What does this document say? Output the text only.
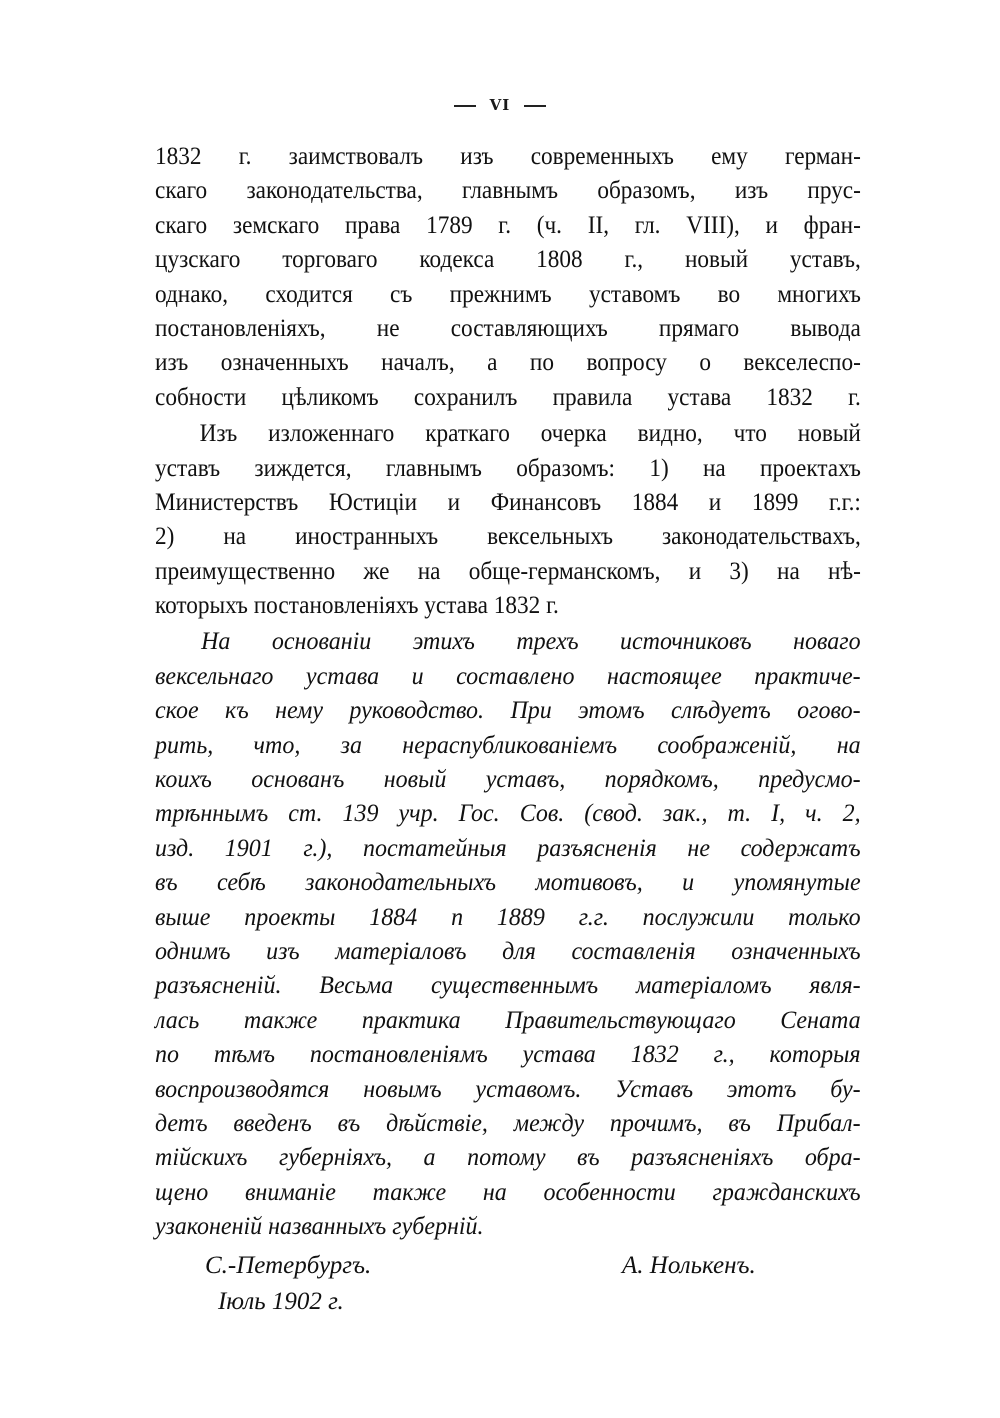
VI
1832 г. заимствовалъ изъ современныхъ ему герман-
скаго законодательства, главнымъ образомъ, изъ прус-
скаго земскаго права 1789 г. (ч. II, гл. VIII), и фран-
цузскаго торговаго кодекса 1808 г., новый уставъ,
однако, сходится съ прежнимъ уставомъ во многихъ
постановленіяхъ, не составляющихъ прямаго вывода
изъ означенныхъ началъ, а по вопросу о векселеспо-
собности цѣликомъ сохранилъ правила устава 1832 г.
Изъ изложеннаго краткаго очерка видно, что новый
уставъ зиждется, главнымъ образомъ: 1) на проектахъ
Министерствъ Юстиціи и Финансовъ 1884 и 1899 г.г.:
2) на иностранныхъ вексельныхъ законодательствахъ,
преимущественно же на обще-германскомъ, и 3) на нѣ-
которыхъ постановленіяхъ устава 1832 г.
На основаніи этихъ трехъ источниковъ новаго
вексельнаго устава и составлено настоящее практиче-
ское къ нему руководство. При этомъ слѣдуетъ огово-
рить, что, за нераспубликованіемъ соображеній, на
коихъ основанъ новый уставъ, порядкомъ, предусмо-
трѣннымъ ст. 139 учр. Гос. Сов. (свод. зак., т. I, ч. 2,
изд. 1901 г.), постатейныя разъясненія не содержатъ
въ себѣ законодательныхъ мотивовъ, и упомянутые
выше проекты 1884 п 1889 г.г. послужили только
однимъ изъ матеріаловъ для составленія означенныхъ
разъясненій. Весьма существеннымъ матеріаломъ явля-
лась также практика Правительствующаго Сената
по тѣмъ постановленіямъ устава 1832 г., которыя
воспроизводятся новымъ уставомъ. Уставъ этотъ бу-
детъ введенъ въ дѣйствіе, между прочимъ, въ Прибал-
тійскихъ губерніяхъ, а потому въ разъясненіяхъ обра-
щено вниманіе также на особенности гражданскихъ
узаконеній названныхъ губерній.
С.-Петербургъ.
Іюль 1902 г.
А. Нолькенъ.
